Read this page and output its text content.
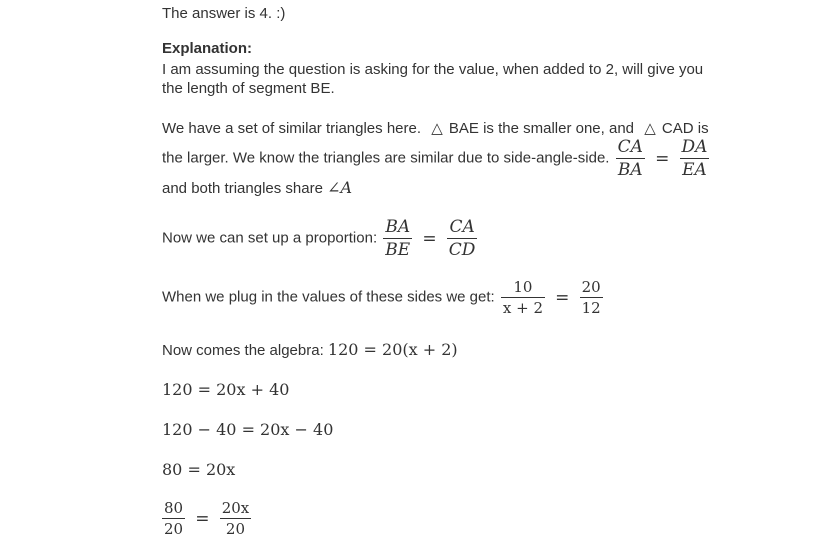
The answer is 4. :)
Explanation:
I am assuming the question is asking for the value, when added to 2, will give you
the length of segment BE.
We have a set of similar triangles here. △ BAE is the smaller one, and △ CAD is
the larger. We know the triangles are similar due to side-angle-side. $\frac{CA}{BA} = \frac{DA}{EA}$
and both triangles share ∠A
Now we can set up a proportion: $\frac{BA}{BE} = \frac{CA}{CD}$
When we plug in the values of these sides we get: $\frac{10}{x + 2} = \frac{20}{12}$
Now comes the algebra: 120 = 20(x + 2)
120 = 20x + 40
120 − 40 = 20x − 40
80 = 20x
$\frac{80}{20} = \frac{20x}{20}$
